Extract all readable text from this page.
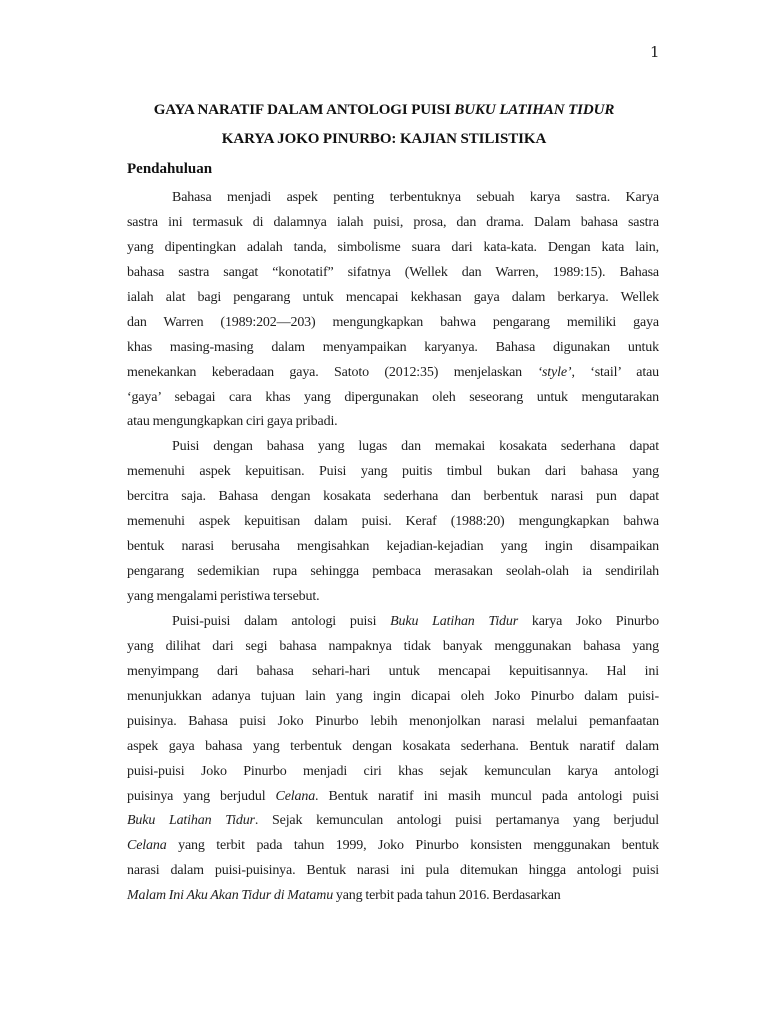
1
GAYA NARATIF DALAM ANTOLOGI PUISI BUKU LATIHAN TIDUR
KARYA JOKO PINURBO: KAJIAN STILISTIKA
Pendahuluan
Bahasa menjadi aspek penting terbentuknya sebuah karya sastra. Karya
sastra ini termasuk di dalamnya ialah puisi, prosa, dan drama. Dalam bahasa sastra
yang dipentingkan adalah tanda, simbolisme suara dari kata-kata. Dengan kata lain,
bahasa sastra sangat “konotatif” sifatnya (Wellek dan Warren, 1989:15). Bahasa
ialah alat bagi pengarang untuk mencapai kekhasan gaya dalam berkarya. Wellek
dan Warren (1989:202—203) mengungkapkan bahwa pengarang memiliki gaya
khas masing-masing dalam menyampaikan karyanya. Bahasa digunakan untuk
menekankan keberadaan gaya. Satoto (2012:35) menjelaskan ‘style’, ‘stail’ atau
‘gaya’ sebagai cara khas yang dipergunakan oleh seseorang untuk mengutarakan
atau mengungkapkan ciri gaya pribadi.
Puisi dengan bahasa yang lugas dan memakai kosakata sederhana dapat
memenuhi aspek kepuitisan. Puisi yang puitis timbul bukan dari bahasa yang
bercitra saja. Bahasa dengan kosakata sederhana dan berbentuk narasi pun dapat
memenuhi aspek kepuitisan dalam puisi. Keraf (1988:20) mengungkapkan bahwa
bentuk narasi berusaha mengisahkan kejadian-kejadian yang ingin disampaikan
pengarang sedemikian rupa sehingga pembaca merasakan seolah-olah ia sendirilah
yang mengalami peristiwa tersebut.
Puisi-puisi dalam antologi puisi Buku Latihan Tidur karya Joko Pinurbo
yang dilihat dari segi bahasa nampaknya tidak banyak menggunakan bahasa yang
menyimpang dari bahasa sehari-hari untuk mencapai kepuitisannya. Hal ini
menunjukkan adanya tujuan lain yang ingin dicapai oleh Joko Pinurbo dalam puisi-
puisinya. Bahasa puisi Joko Pinurbo lebih menonjolkan narasi melalui pemanfaatan
aspek gaya bahasa yang terbentuk dengan kosakata sederhana. Bentuk naratif dalam
puisi-puisi Joko Pinurbo menjadi ciri khas sejak kemunculan karya antologi
puisinya yang berjudul Celana. Bentuk naratif ini masih muncul pada antologi puisi
Buku Latihan Tidur. Sejak kemunculan antologi puisi pertamanya yang berjudul
Celana yang terbit pada tahun 1999, Joko Pinurbo konsisten menggunakan bentuk
narasi dalam puisi-puisinya. Bentuk narasi ini pula ditemukan hingga antologi puisi
Malam Ini Aku Akan Tidur di Matamu yang terbit pada tahun 2016. Berdasarkan
